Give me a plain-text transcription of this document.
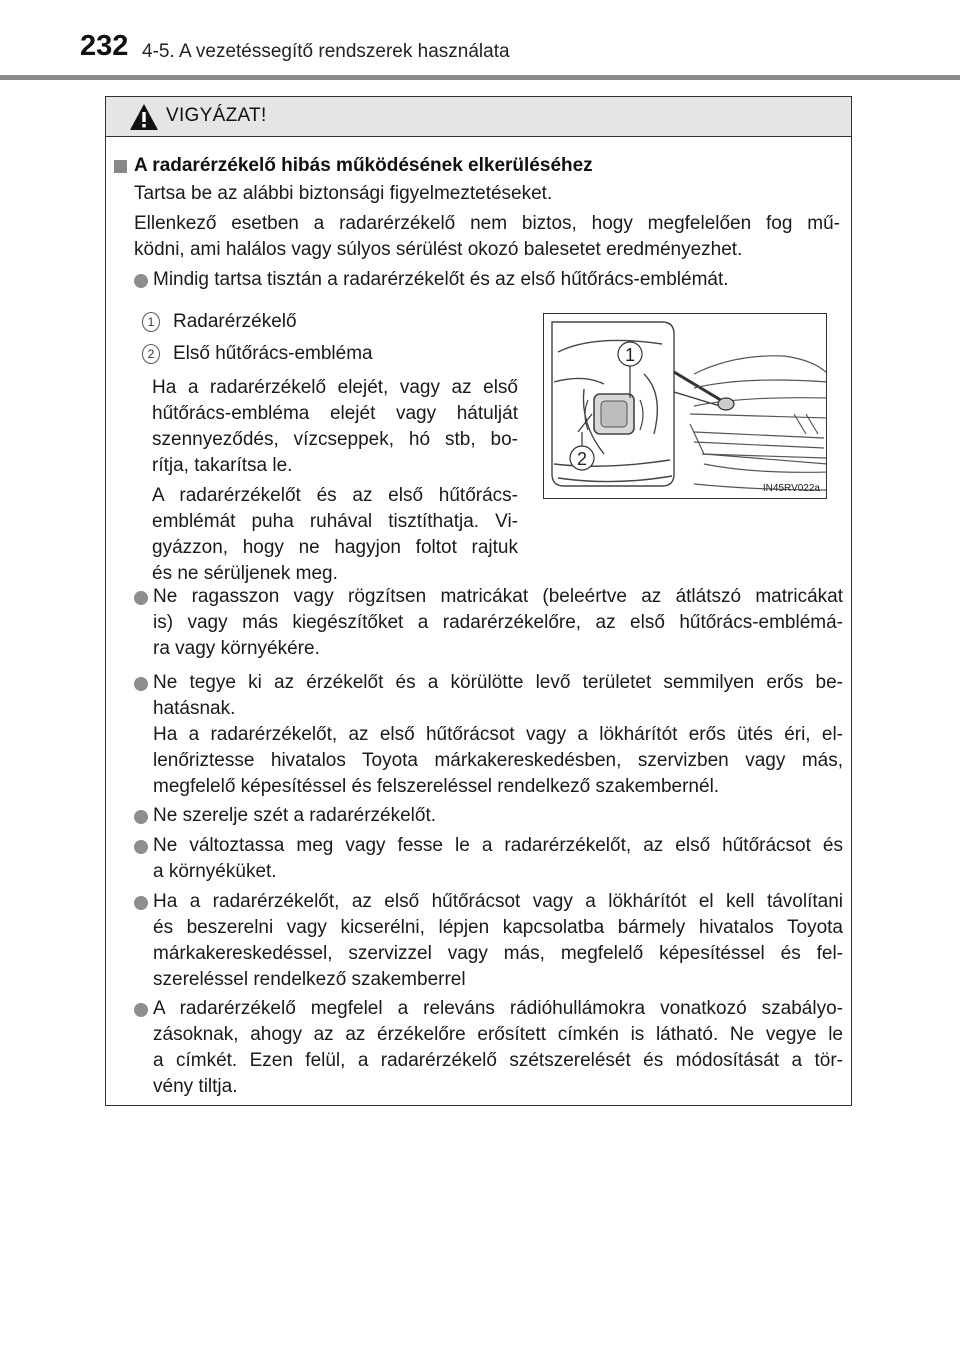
232 4-5. A vezetéssegítő rendszerek használata
VIGYÁZAT!
A radarérzékelő hibás működésének elkerüléséhez
Tartsa be az alábbi biztonsági figyelmeztetéseket.
Ellenkező esetben a radarérzékelő nem biztos, hogy megfelelően fog mű-
ködni, ami halálos vagy súlyos sérülést okozó balesetet eredményezhet.
Mindig tartsa tisztán a radarérzékelőt és az első hűtőrács-emblémát.
1 Radarérzékelő
2 Első hűtőrács-embléma
Ha a radarérzékelő elejét, vagy az első
hűtőrács-embléma elejét vagy hátulját
szennyeződés, vízcseppek, hó stb, bo-
rítja, takarítsa le.
A radarérzékelőt és az első hűtőrács-
emblémát puha ruhával tisztíthatja. Vi-
gyázzon, hogy ne hagyjon foltot rajtuk
és ne sérüljenek meg.
Ne ragasszon vagy rögzítsen matricákat (beleértve az átlátszó matricákat
is) vagy más kiegészítőket a radarérzékelőre, az első hűtőrács-emblémá-
ra vagy környékére.
Ne tegye ki az érzékelőt és a körülötte levő területet semmilyen erős be-
hatásnak.
Ha a radarérzékelőt, az első hűtőrácsot vagy a lökhárítót erős ütés éri, el-
lenőriztesse hivatalos Toyota márkakereskedésben, szervizben vagy más,
megfelelő képesítéssel és felszereléssel rendelkező szakembernél.
Ne szerelje szét a radarérzékelőt.
Ne változtassa meg vagy fesse le a radarérzékelőt, az első hűtőrácsot és
a környéküket.
Ha a radarérzékelőt, az első hűtőrácsot vagy a lökhárítót el kell távolítani
és beszerelni vagy kicserélni, lépjen kapcsolatba bármely hivatalos Toyota
márkakereskedéssel, szervizzel vagy más, megfelelő képesítéssel és fel-
szereléssel rendelkező szakemberrel
A radarérzékelő megfelel a releváns rádióhullámokra vonatkozó szabályo-
zásoknak, ahogy az az érzékelőre erősített címkén is látható. Ne vegye le
a címkét. Ezen felül, a radarérzékelő szétszerelését és módosítását a tör-
vény tiltja.
1
2
IN45RV022a
